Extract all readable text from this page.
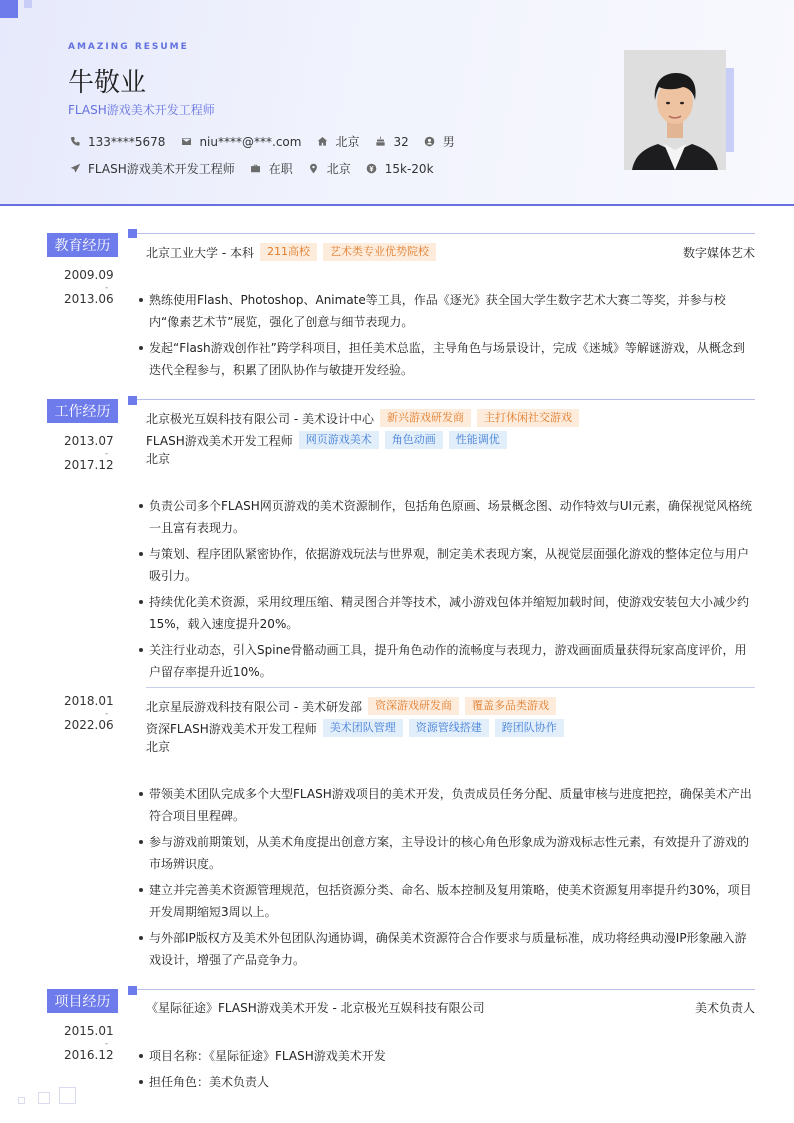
AMAZING RESUME
牛敬业
FLASH游戏美术开发工程师
133****5678	niu****@***.com	北京	32	男
FLASH游戏美术开发工程师	在职	北京	15k-20k
教育经历
2009.09
-
2013.06
北京工业大学 - 本科	211高校	艺术类专业优势院校	数字媒体艺术
熟练使用Flash、Photoshop、Animate等工具，作品《逐光》获全国大学生数字艺术大赛二等奖，并参与校内“像素艺术节”展览，强化了创意与细节表现力。
发起“Flash游戏创作社”跨学科项目，担任美术总监，主导角色与场景设计，完成《迷城》等解谜游戏，从概念到迭代全程参与，积累了团队协作与敏捷开发经验。
工作经历
2013.07
-
2017.12
北京极光互娱科技有限公司 - 美术设计中心	新兴游戏研发商	主打休闲社交游戏
FLASH游戏美术开发工程师	网页游戏美术	角色动画	性能调优
北京
负责公司多个FLASH网页游戏的美术资源制作，包括角色原画、场景概念图、动作特效与UI元素，确保视觉风格统一且富有表现力。
与策划、程序团队紧密协作，依据游戏玩法与世界观，制定美术表现方案，从视觉层面强化游戏的整体定位与用户吸引力。
持续优化美术资源，采用纹理压缩、精灵图合并等技术，减小游戏包体并缩短加载时间，使游戏安装包大小减少约15%，载入速度提升20%。
关注行业动态，引入Spine骨骼动画工具，提升角色动作的流畅度与表现力，游戏画面质量获得玩家高度评价，用户留存率提升近10%。
2018.01
-
2022.06
北京星辰游戏科技有限公司 - 美术研发部	资深游戏研发商	覆盖多品类游戏
资深FLASH游戏美术开发工程师	美术团队管理	资源管线搭建	跨团队协作
北京
带领美术团队完成多个大型FLASH游戏项目的美术开发，负责成员任务分配、质量审核与进度把控，确保美术产出符合项目里程碑。
参与游戏前期策划，从美术角度提出创意方案，主导设计的核心角色形象成为游戏标志性元素，有效提升了游戏的市场辨识度。
建立并完善美术资源管理规范，包括资源分类、命名、版本控制及复用策略，使美术资源复用率提升约30%，项目开发周期缩短3周以上。
与外部IP版权方及美术外包团队沟通协调，确保美术资源符合合作要求与质量标准，成功将经典动漫IP形象融入游戏设计，增强了产品竞争力。
项目经历
2015.01
-
2016.12
《星际征途》FLASH游戏美术开发 - 北京极光互娱科技有限公司	美术负责人
项目名称：《星际征途》FLASH游戏美术开发
担任角色：美术负责人
